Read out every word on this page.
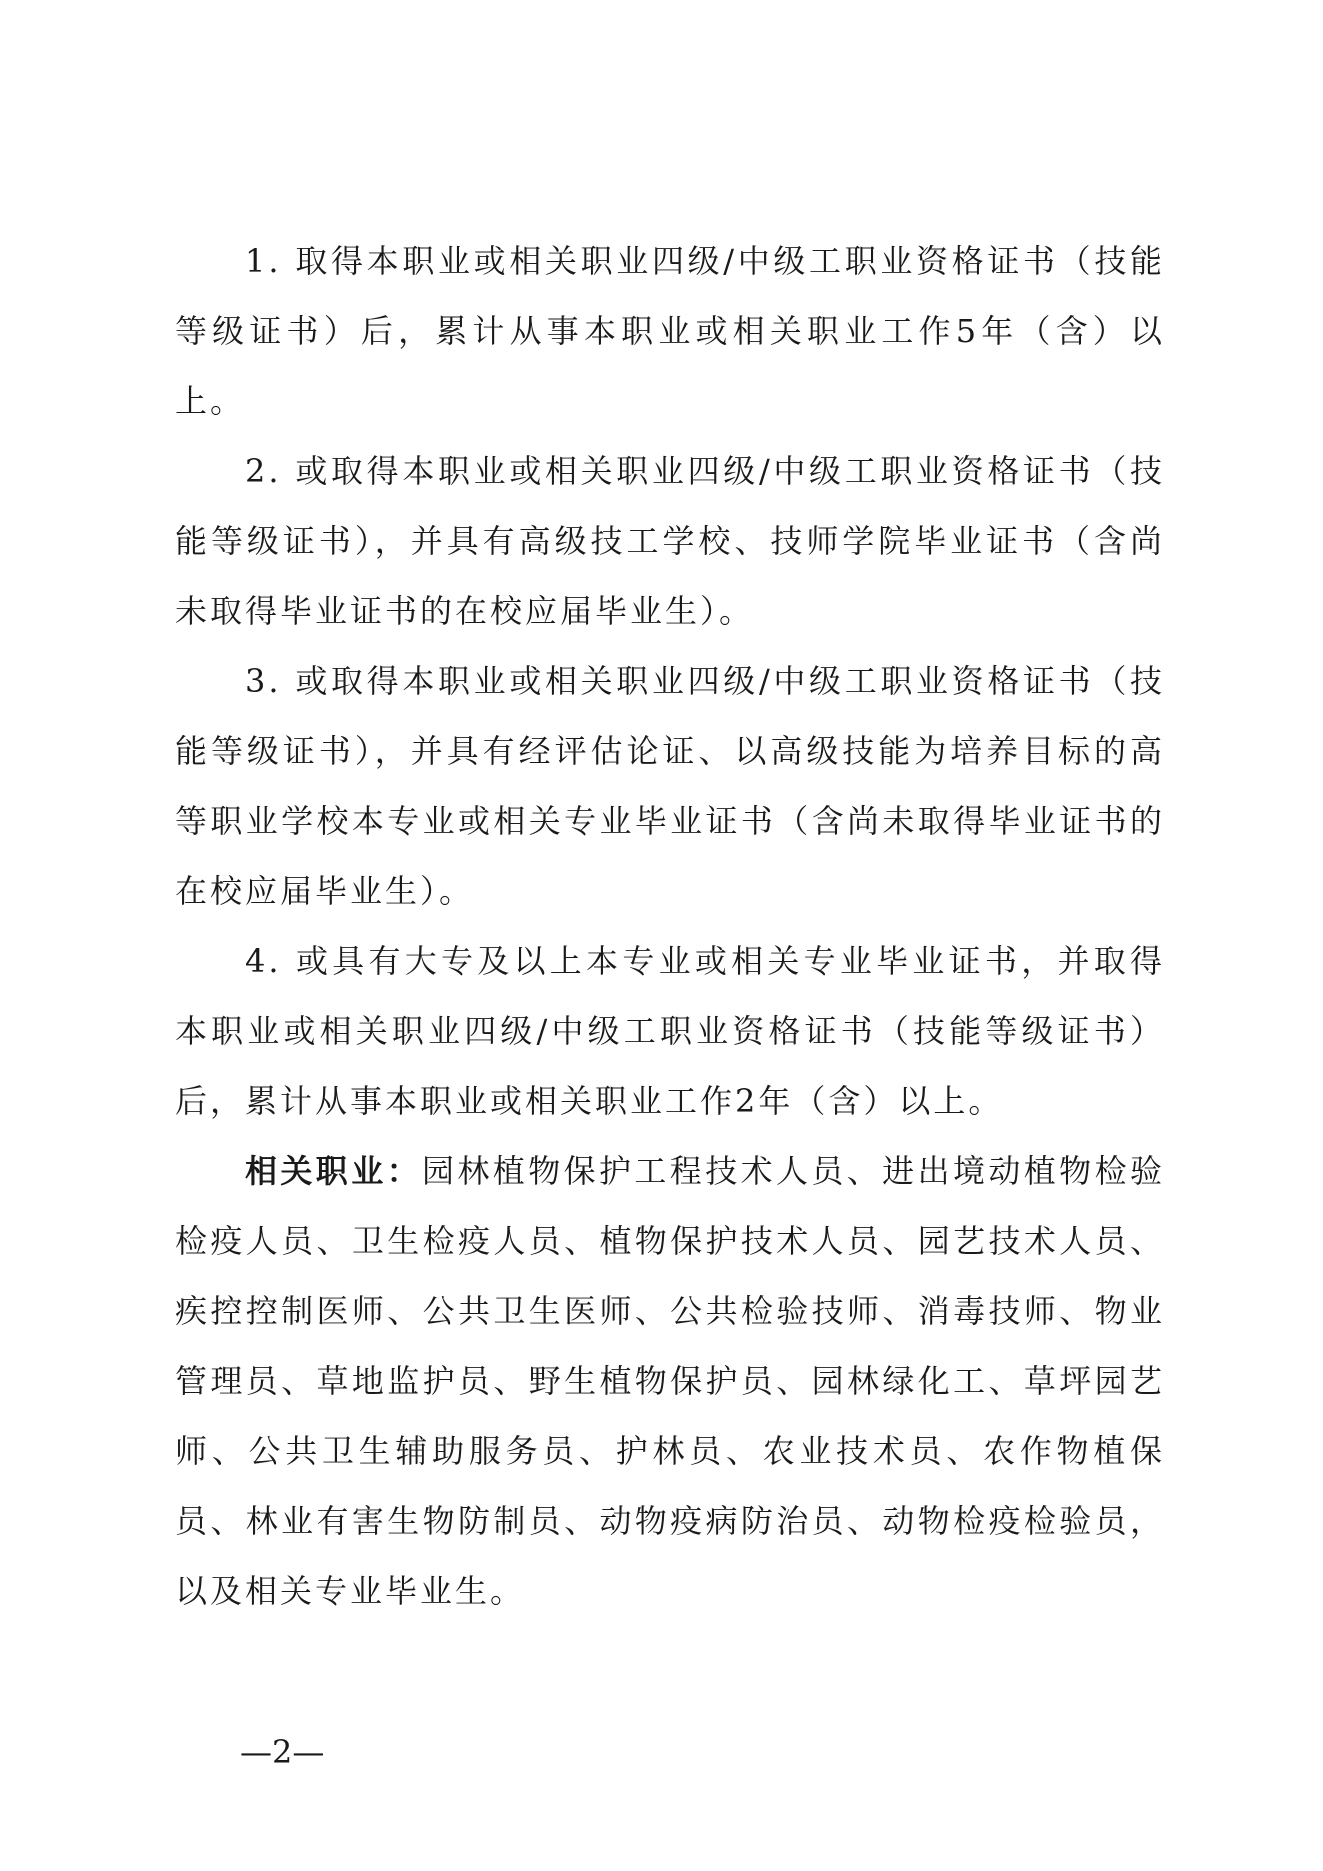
1. 取得本职业或相关职业四级/中级工职业资格证书（技能等级证书）后，累计从事本职业或相关职业工作5年（含）以上。

2. 或取得本职业或相关职业四级/中级工职业资格证书（技能等级证书），并具有高级技工学校、技师学院毕业证书（含尚未取得毕业证书的在校应届毕业生）。

3. 或取得本职业或相关职业四级/中级工职业资格证书（技能等级证书），并具有经评估论证、以高级技能为培养目标的高等职业学校本专业或相关专业毕业证书（含尚未取得毕业证书的在校应届毕业生）。

4. 或具有大专及以上本专业或相关专业毕业证书，并取得本职业或相关职业四级/中级工职业资格证书（技能等级证书）后，累计从事本职业或相关职业工作2年（含）以上。

相关职业：园林植物保护工程技术人员、进出境动植物检验检疫人员、卫生检疫人员、植物保护技术人员、园艺技术人员、疾控控制医师、公共卫生医师、公共检验技师、消毒技师、物业管理员、草地监护员、野生植物保护员、园林绿化工、草坪园艺师、公共卫生辅助服务员、护林员、农业技术员、农作物植保员、林业有害生物防制员、动物疫病防治员、动物检疫检验员，以及相关专业毕业生。

—2—
